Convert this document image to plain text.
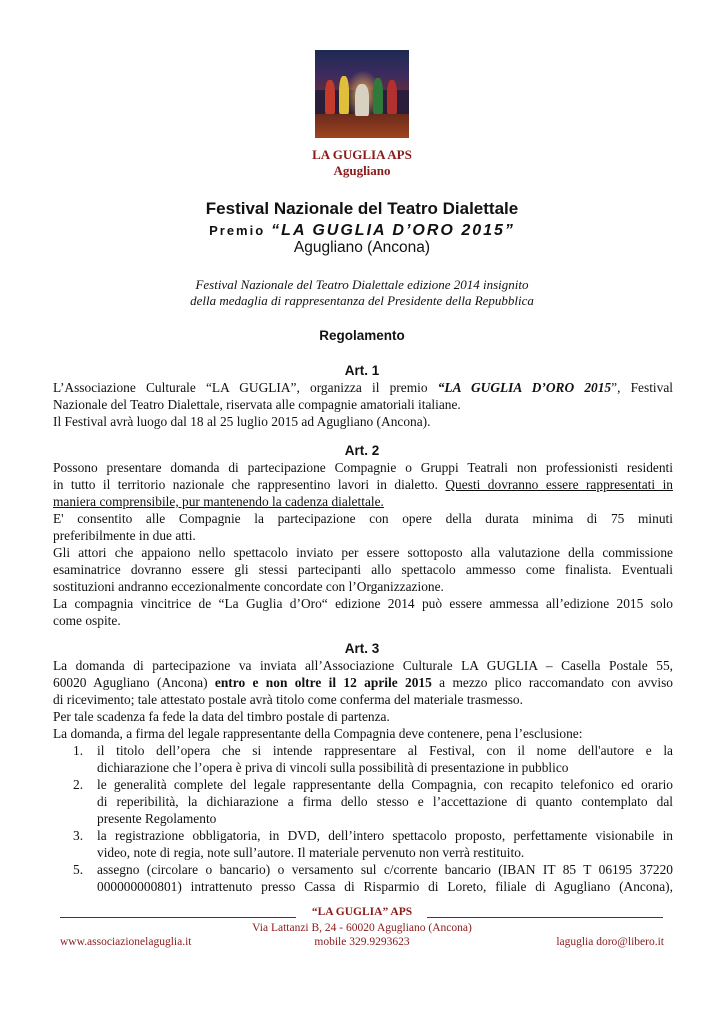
LA GUGLIA APS
Agugliano
Festival Nazionale del Teatro Dialettale
Premio “LA GUGLIA D’ORO 2015”
Agugliano (Ancona)
Festival Nazionale del Teatro Dialettale edizione 2014 insignito
della medaglia di rappresentanza del Presidente della Repubblica
Regolamento
Art. 1

L’Associazione Culturale “LA GUGLIA”, organizza il premio “LA GUGLIA D’ORO 2015”, Festival

Nazionale del Teatro Dialettale, riservata alle compagnie amatoriali italiane.

Il Festival avrà luogo dal 18 al 25 luglio 2015 ad Agugliano (Ancona).

Art. 2

Possono presentare domanda di partecipazione Compagnie o Gruppi Teatrali non professionisti residenti

in tutto il territorio nazionale che rappresentino lavori in dialetto. Questi dovranno essere rappresentati in

maniera comprensibile, pur mantenendo la cadenza dialettale.

E' consentito alle Compagnie la partecipazione con opere della durata minima di 75 minuti

preferibilmente in due atti.

Gli attori che appaiono nello spettacolo inviato per essere sottoposto alla valutazione della commissione

esaminatrice dovranno essere gli stessi partecipanti allo spettacolo ammesso come finalista. Eventuali

sostituzioni andranno eccezionalmente concordate con l’Organizzazione.

La compagnia vincitrice de “La Guglia d’Oro“ edizione 2014 può essere ammessa all’edizione 2015 solo

come ospite.

Art. 3

La domanda di partecipazione va inviata all’Associazione Culturale LA GUGLIA – Casella Postale 55,

60020 Agugliano (Ancona) entro e non oltre il 12 aprile 2015 a mezzo plico raccomandato con avviso

di ricevimento; tale attestato postale avrà titolo come conferma del materiale trasmesso.

Per tale scadenza fa fede la data del timbro postale di partenza.

La domanda, a firma del legale rappresentante della Compagnia deve contenere, pena l’esclusione:

1. il titolo dell’opera che si intende rappresentare al Festival, con il nome dell'autore e la
dichiarazione che l’opera è priva di vincoli sulla possibilità di presentazione in pubblico
2. le generalità complete del legale rappresentante della Compagnia, con recapito telefonico ed orario
di reperibilità, la dichiarazione a firma dello stesso e l’accettazione di quanto contemplato dal
presente Regolamento
3. la registrazione obbligatoria, in DVD, dell’intero spettacolo proposto, perfettamente visionabile in
video, note di regia, note sull’autore. Il materiale pervenuto non verrà restituito.
5. assegno (circolare o bancario) o versamento sul c/corrente bancario (IBAN IT 85 T 06195 37220
000000000801) intrattenuto presso Cassa di Risparmio di Loreto, filiale di Agugliano (Ancona),
“LA GUGLIA” APS
Via Lattanzi B, 24 - 60020 Agugliano (Ancona)
www.associazionelaguglia.it	mobile 329.9293623	laguglia doro@libero.it
